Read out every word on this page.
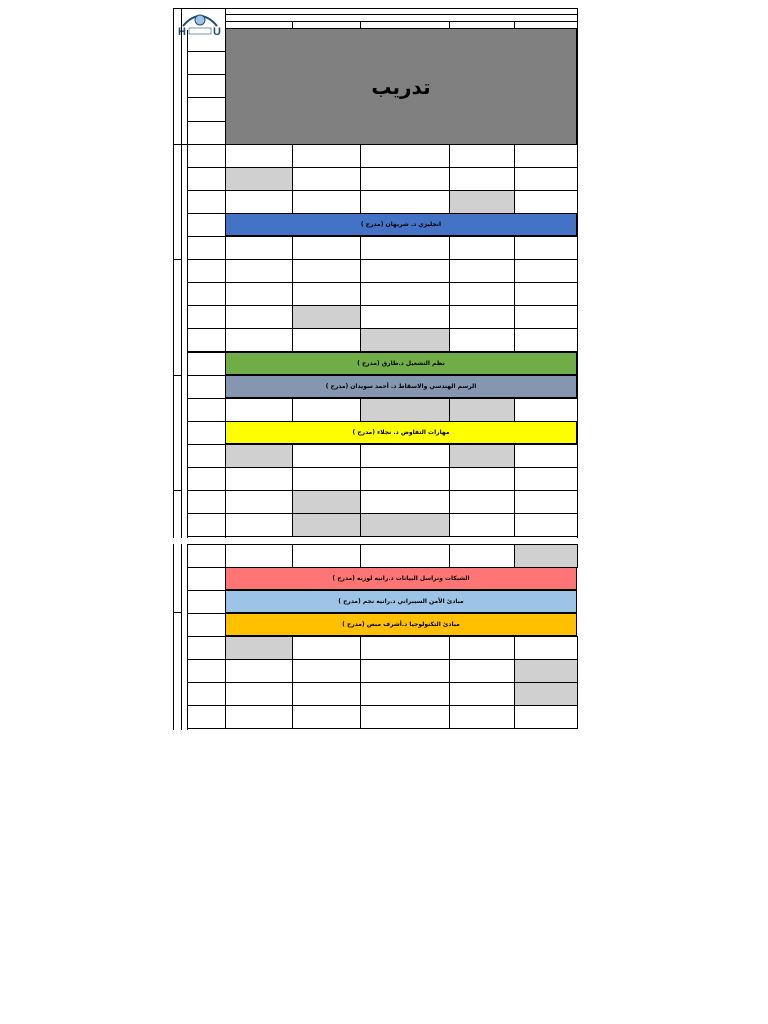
H U
تدريب
انجليزي د. شريهان (مدرج )
نظم التشغيل د.طارق (مدرج )
الرسم الهندسي والاسقاط د. أحمد سويدان (مدرج )
مهارات التفاوض د. نجلاء (مدرج )
الشبكات ونراسل البيانات د.رانيه لوزيه (مدرج )
مبادئ الأمن السيبراني د.رانيه نجم (مدرج )
مبادئ التكنولوجيا د.أشرف مبص (مدرج )
